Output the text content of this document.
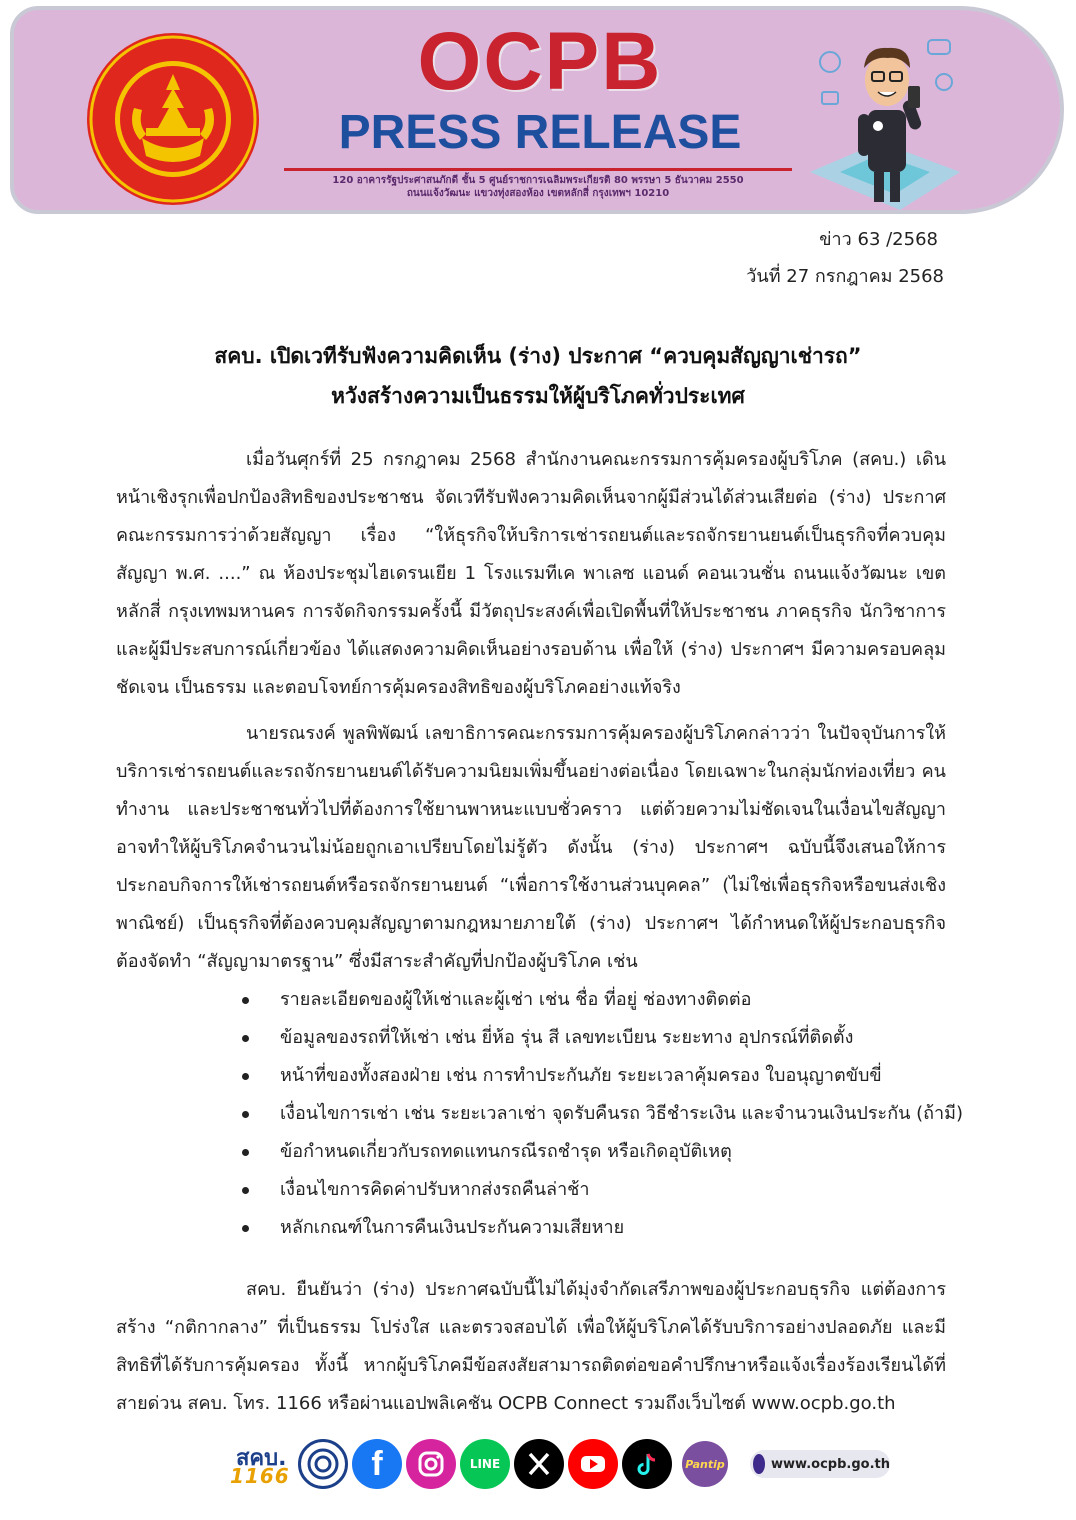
OCPB
PRESS RELEASE
120 อาคารรัฐประศาสนภักดี ชั้น 5 ศูนย์ราชการเฉลิมพระเกียรติ 80 พรรษา 5 ธันวาคม 2550
ถนนแจ้งวัฒนะ แขวงทุ่งสองห้อง เขตหลักสี่ กรุงเทพฯ 10210
ข่าว 63 /2568
วันที่ 27 กรกฎาคม 2568
สคบ. เปิดเวทีรับฟังความคิดเห็น (ร่าง) ประกาศ “ควบคุมสัญญาเช่ารถ”
หวังสร้างความเป็นธรรมให้ผู้บริโภคทั่วประเทศ

เมื่อวันศุกร์ที่ 25 กรกฎาคม 2568 สำนักงานคณะกรรมการคุ้มครองผู้บริโภค (สคบ.) เดินหน้าเชิงรุกเพื่อปกป้องสิทธิของประชาชน จัดเวทีรับฟังความคิดเห็นจากผู้มีส่วนได้ส่วนเสียต่อ (ร่าง) ประกาศคณะกรรมการว่าด้วยสัญญา เรื่อง “ให้ธุรกิจให้บริการเช่ารถยนต์และรถจักรยานยนต์เป็นธุรกิจที่ควบคุมสัญญา พ.ศ. ....” ณ ห้องประชุมไฮเดรนเยีย 1 โรงแรมทีเค พาเลซ แอนด์ คอนเวนชั่น ถนนแจ้งวัฒนะ เขตหลักสี่ กรุงเทพมหานคร การจัดกิจกรรมครั้งนี้ มีวัตถุประสงค์เพื่อเปิดพื้นที่ให้ประชาชน ภาคธุรกิจ นักวิชาการ และผู้มีประสบการณ์เกี่ยวข้อง ได้แสดงความคิดเห็นอย่างรอบด้าน เพื่อให้ (ร่าง) ประกาศฯ มีความครอบคลุม ชัดเจน เป็นธรรม และตอบโจทย์การคุ้มครองสิทธิของผู้บริโภคอย่างแท้จริง

นายรณรงค์ พูลพิพัฒน์ เลขาธิการคณะกรรมการคุ้มครองผู้บริโภคกล่าวว่า ในปัจจุบันการให้บริการเช่ารถยนต์และรถจักรยานยนต์ได้รับความนิยมเพิ่มขึ้นอย่างต่อเนื่อง โดยเฉพาะในกลุ่มนักท่องเที่ยว คนทำงาน และประชาชนทั่วไปที่ต้องการใช้ยานพาหนะแบบชั่วคราว แต่ด้วยความไม่ชัดเจนในเงื่อนไขสัญญา อาจทำให้ผู้บริโภคจำนวนไม่น้อยถูกเอาเปรียบโดยไม่รู้ตัว ดังนั้น (ร่าง) ประกาศฯ ฉบับนี้จึงเสนอให้การประกอบกิจการให้เช่ารถยนต์หรือรถจักรยานยนต์ “เพื่อการใช้งานส่วนบุคคล” (ไม่ใช่เพื่อธุรกิจหรือขนส่งเชิงพาณิชย์) เป็นธุรกิจที่ต้องควบคุมสัญญาตามกฎหมายภายใต้ (ร่าง) ประกาศฯ ได้กำหนดให้ผู้ประกอบธุรกิจต้องจัดทำ “สัญญามาตรฐาน” ซึ่งมีสาระสำคัญที่ปกป้องผู้บริโภค เช่น

รายละเอียดของผู้ให้เช่าและผู้เช่า เช่น ชื่อ ที่อยู่ ช่องทางติดต่อ
ข้อมูลของรถที่ให้เช่า เช่น ยี่ห้อ รุ่น สี เลขทะเบียน ระยะทาง อุปกรณ์ที่ติดตั้ง
หน้าที่ของทั้งสองฝ่าย เช่น การทำประกันภัย ระยะเวลาคุ้มครอง ใบอนุญาตขับขี่
เงื่อนไขการเช่า เช่น ระยะเวลาเช่า จุดรับคืนรถ วิธีชำระเงิน และจำนวนเงินประกัน (ถ้ามี)
ข้อกำหนดเกี่ยวกับรถทดแทนกรณีรถชำรุด หรือเกิดอุบัติเหตุ
เงื่อนไขการคิดค่าปรับหากส่งรถคืนล่าช้า
หลักเกณฑ์ในการคืนเงินประกันความเสียหาย

สคบ. ยืนยันว่า (ร่าง) ประกาศฉบับนี้ไม่ได้มุ่งจำกัดเสรีภาพของผู้ประกอบธุรกิจ แต่ต้องการสร้าง “กติกากลาง” ที่เป็นธรรม โปร่งใส และตรวจสอบได้ เพื่อให้ผู้บริโภคได้รับบริการอย่างปลอดภัย และมีสิทธิที่ได้รับการคุ้มครอง ทั้งนี้ หากผู้บริโภคมีข้อสงสัยสามารถติดต่อขอคำปรึกษาหรือแจ้งเรื่องร้องเรียนได้ที่สายด่วน สคบ. โทร. 1166 หรือผ่านแอปพลิเคชัน OCPB Connect รวมถึงเว็บไซต์ www.ocpb.go.th

สคบ.
1166	f	LINE	Pantip	www.ocpb.go.th
